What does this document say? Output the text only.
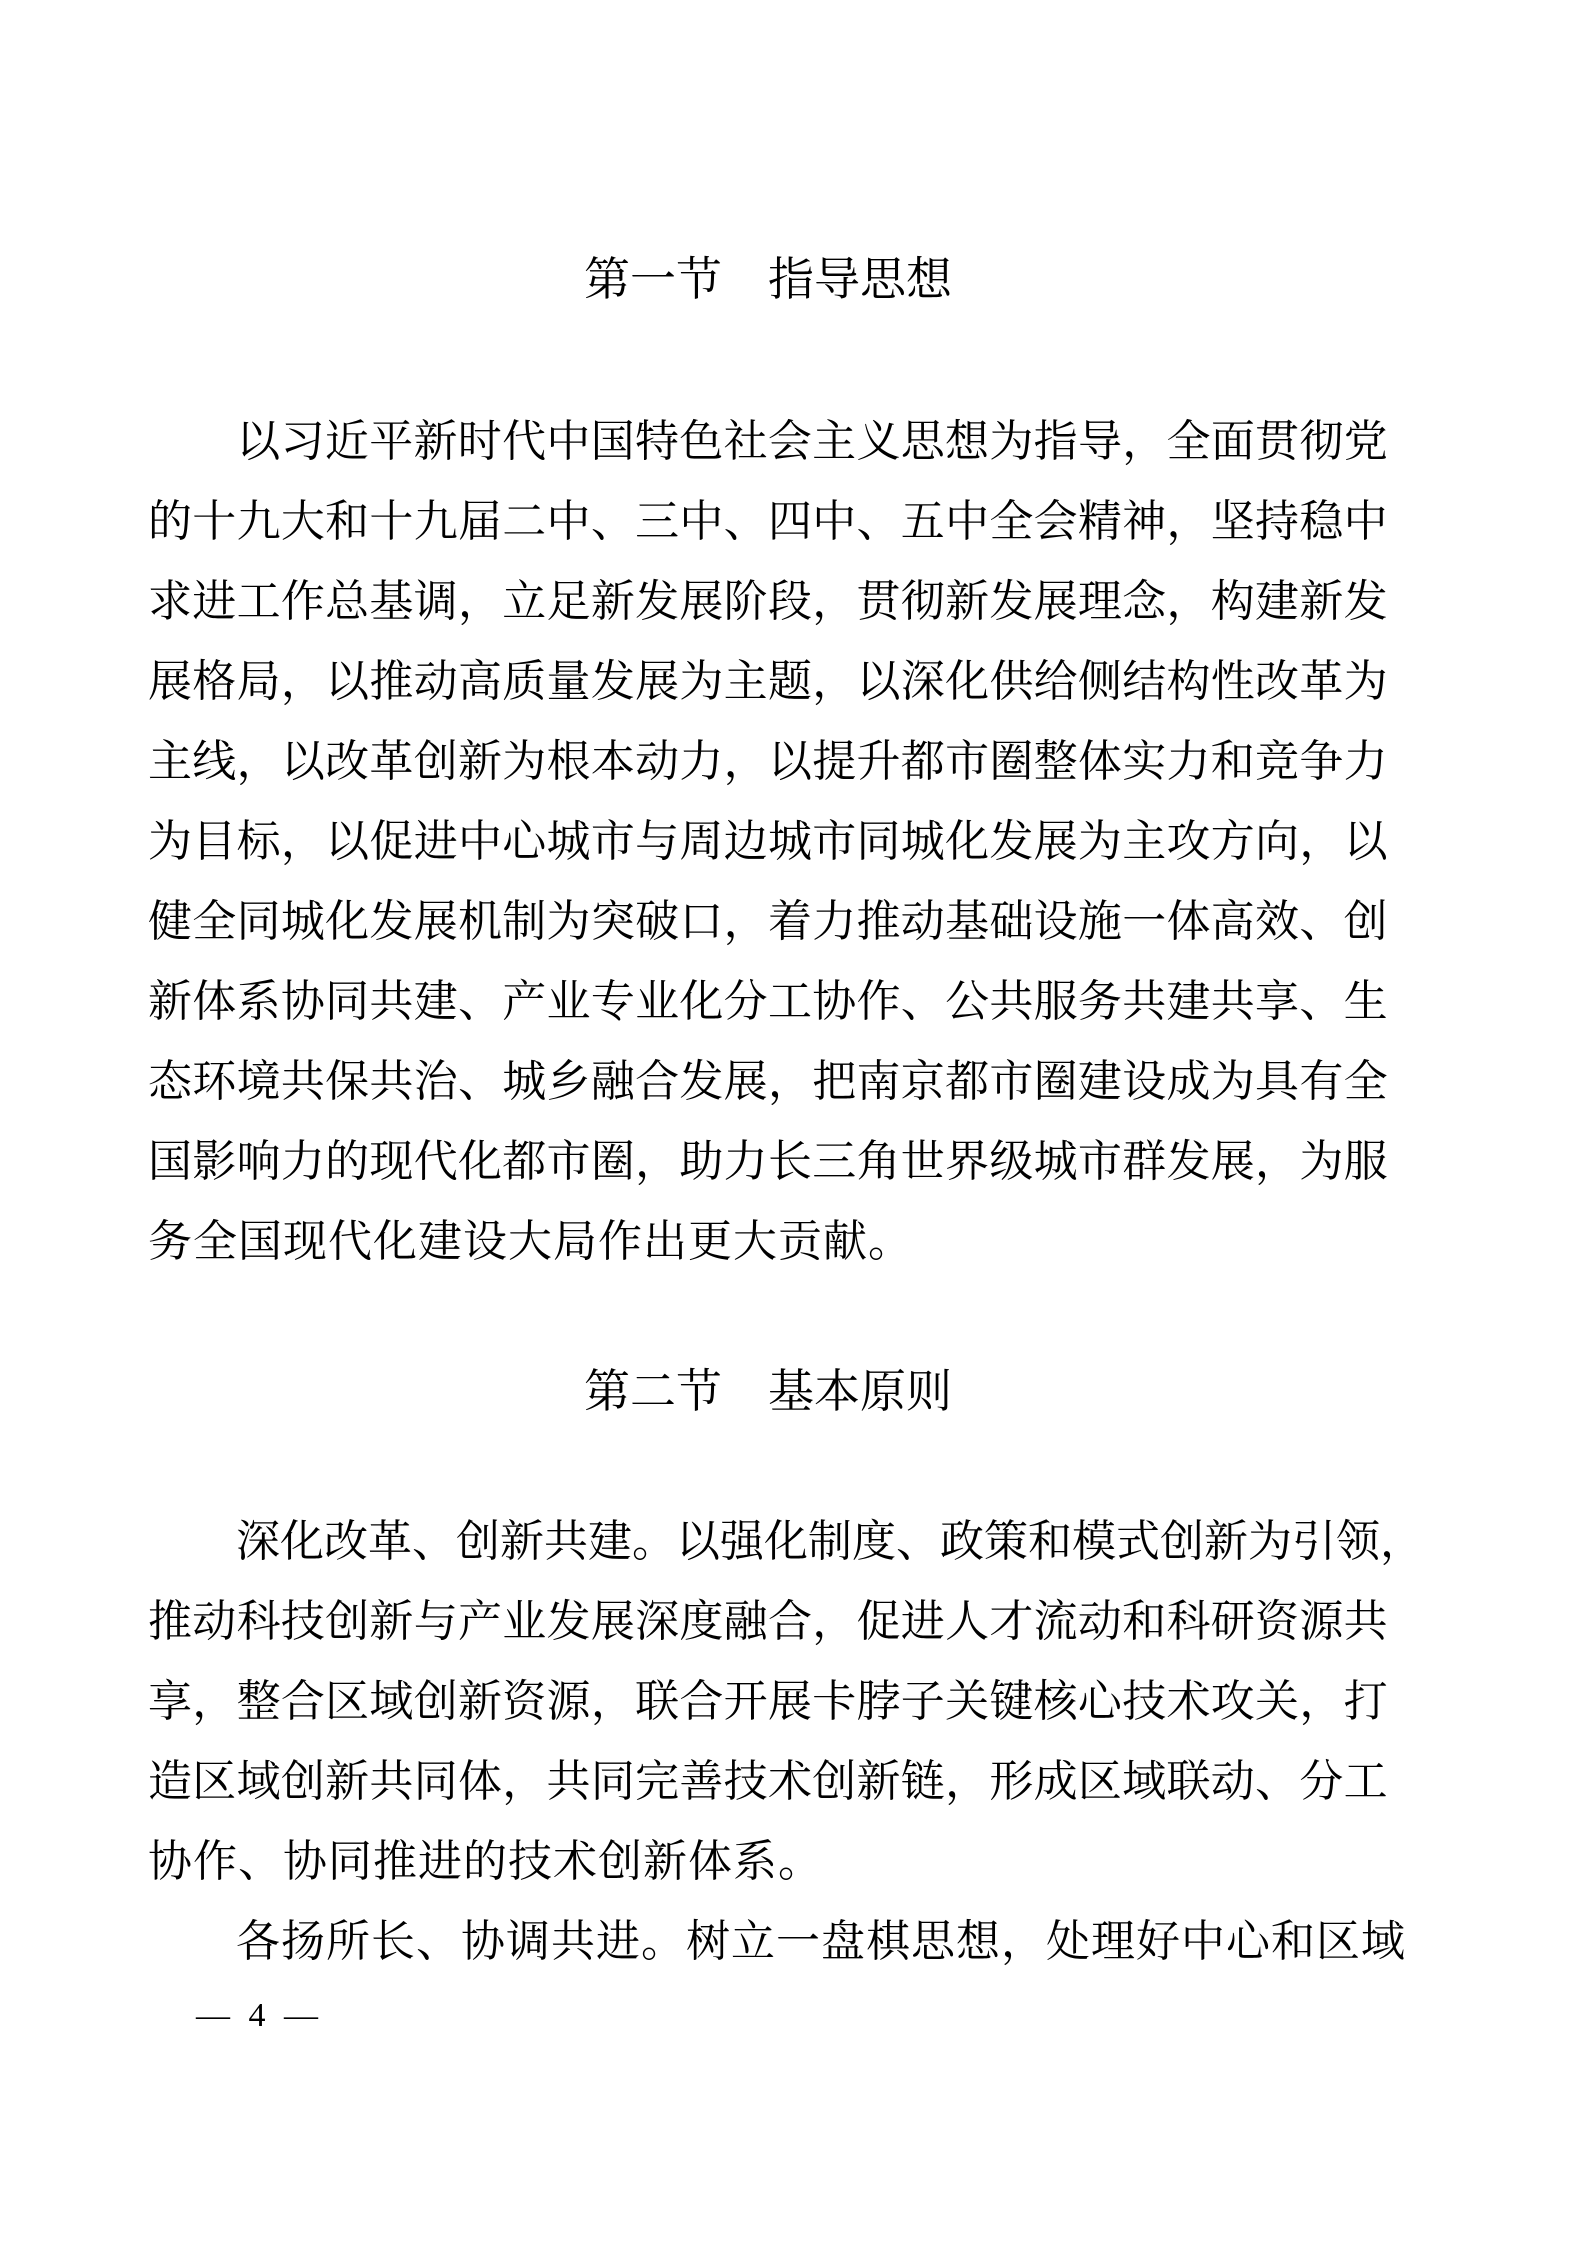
第一节　指导思想
以 习 近 平 新 时 代 中 国 特 色 社 会 主 义 思 想 为 指 导 ， 全 面 贯 彻 党
的 十 九 大 和 十 九 届 二 中 、 三 中 、 四 中 、 五 中 全 会 精 神 ， 坚 持 稳 中
求 进 工 作 总 基 调 ， 立 足 新 发 展 阶 段 ， 贯 彻 新 发 展 理 念 ， 构 建 新 发
展 格 局 ， 以 推 动 高 质 量 发 展 为 主 题 ， 以 深 化 供 给 侧 结 构 性 改 革 为
主 线 ， 以 改 革 创 新 为 根 本 动 力 ， 以 提 升 都 市 圈 整 体 实 力 和 竞 争 力
为 目 标 ， 以 促 进 中 心 城 市 与 周 边 城 市 同 城 化 发 展 为 主 攻 方 向 ， 以
健 全 同 城 化 发 展 机 制 为 突 破 口 ， 着 力 推 动 基 础 设 施 一 体 高 效 、 创
新 体 系 协 同 共 建 、 产 业 专 业 化 分 工 协 作 、 公 共 服 务 共 建 共 享 、 生
态 环 境 共 保 共 治 、 城 乡 融 合 发 展 ， 把 南 京 都 市 圈 建 设 成 为 具 有 全
国 影 响 力 的 现 代 化 都 市 圈 ， 助 力 长 三 角 世 界 级 城 市 群 发 展 ， 为 服
务 全 国 现 代 化 建 设 大 局 作 出 更 大 贡 献 。
第二节　基本原则
深 化 改 革 、 创 新 共 建 。 以 强 化 制 度 、 政 策 和 模 式 创 新 为 引 领 ，
推 动 科 技 创 新 与 产 业 发 展 深 度 融 合 ， 促 进 人 才 流 动 和 科 研 资 源 共
享 ， 整 合 区 域 创 新 资 源 ， 联 合 开 展 卡 脖 子 关 键 核 心 技 术 攻 关 ， 打
造 区 域 创 新 共 同 体 ， 共 同 完 善 技 术 创 新 链 ， 形 成 区 域 联 动 、 分 工
协 作 、 协 同 推 进 的 技 术 创 新 体 系 。
各 扬 所 长 、 协 调 共 进 。 树 立 一 盘 棋 思 想 ， 处 理 好 中 心 和 区 域
— 4 —
